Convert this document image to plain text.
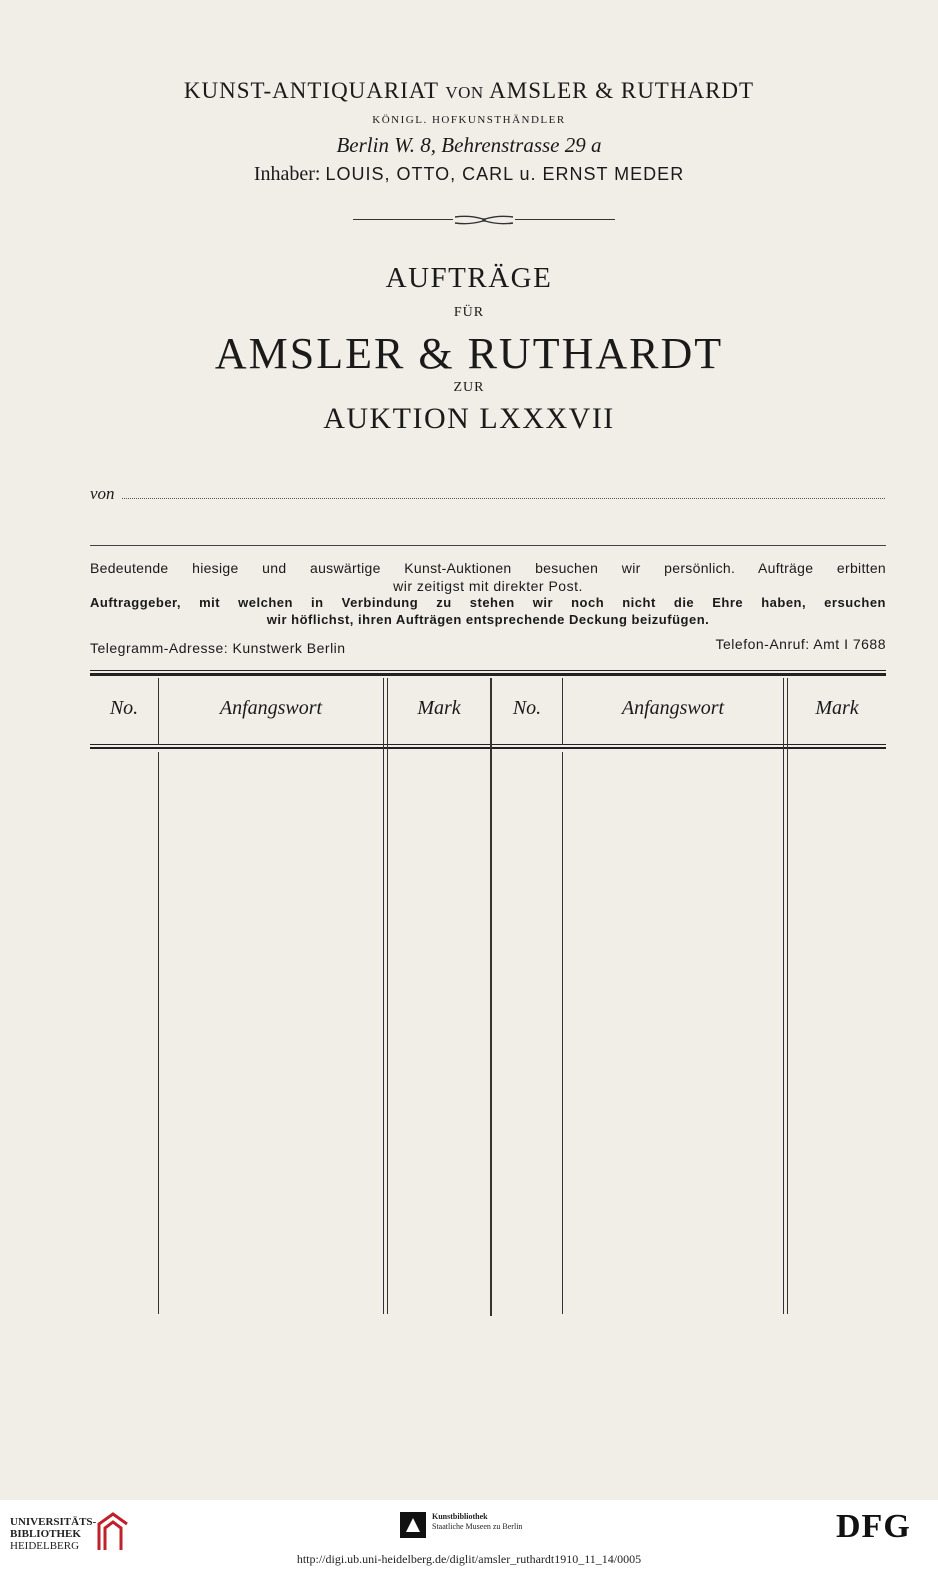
KUNST-ANTIQUARIAT VON AMSLER & RUTHARDT
KÖNIGL. HOFKUNSTHÄNDLER
Berlin W. 8, Behrenstrasse 29 a
Inhaber: LOUIS, OTTO, CARL u. ERNST MEDER
AUFTRÄGE
FÜR
AMSLER & RUTHARDT
ZUR
AUKTION LXXXVII
von
Bedeutende hiesige und auswärtige Kunst-Auktionen besuchen wir persönlich. Aufträge erbitten
wir zeitigst mit direkter Post.
Auftraggeber, mit welchen in Verbindung zu stehen wir noch nicht die Ehre haben, ersuchen
wir höflichst, ihren Aufträgen entsprechende Deckung beizufügen.
Telegramm-Adresse: Kunstwerk Berlin	Telefon-Anruf: Amt I 7688
No.	Anfangswort	Mark	No.	Anfangswort	Mark
UNIVERSITÄTS-
BIBLIOTHEK
HEIDELBERG
Kunstbibliothek
Staatliche Museen zu Berlin	DFG
http://digi.ub.uni-heidelberg.de/diglit/amsler_ruthardt1910_11_14/0005
